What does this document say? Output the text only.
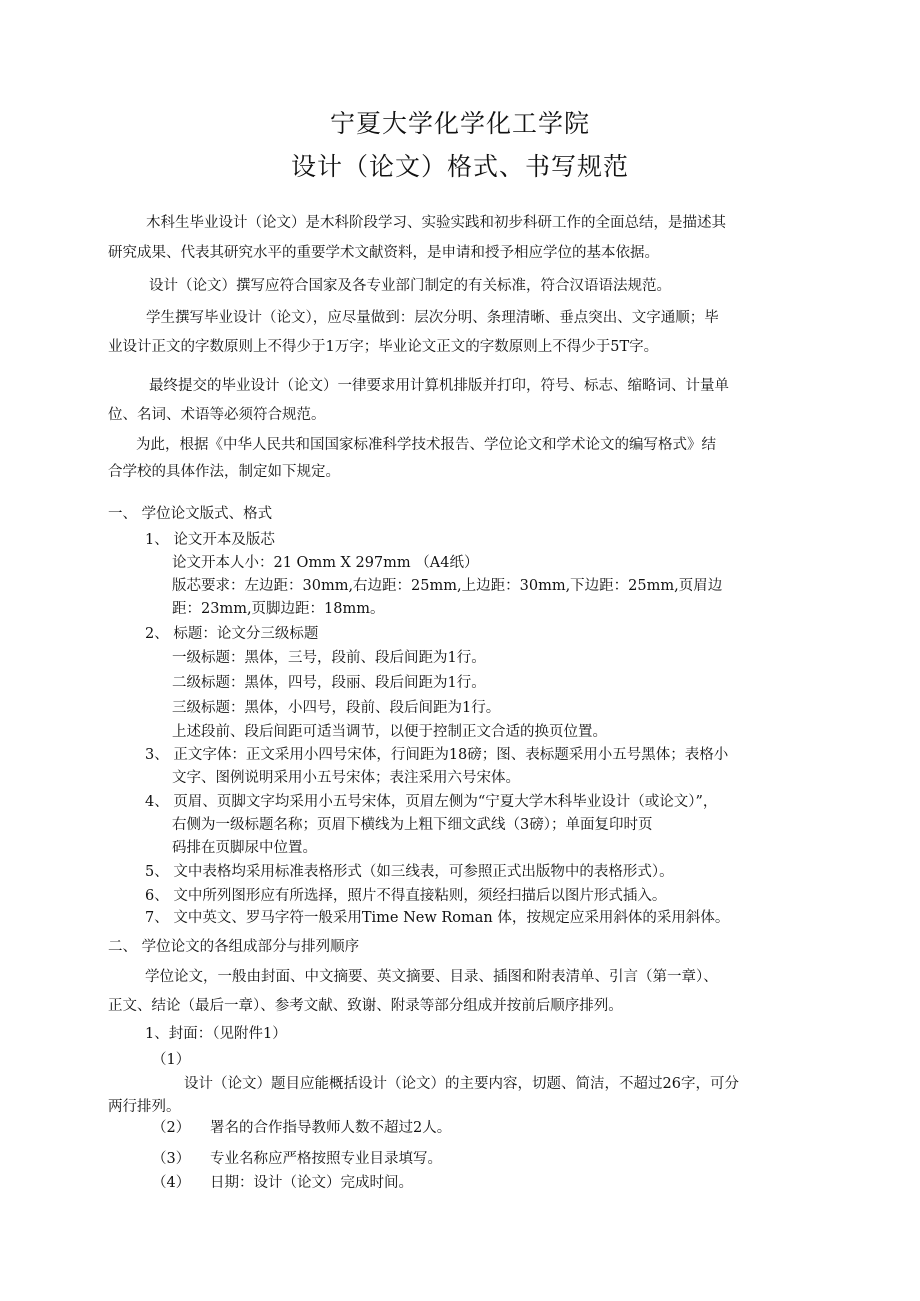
宁夏大学化学化工学院
设计（论文）格式、书写规范
木科生毕业设计（论文）是木科阶段学习、实验实践和初步科研工作的全面总结，是描述其
研究成果、代表其研究水平的重要学术文献资料，是申请和授予相应学位的基本依据。
设计（论文）撰写应符合国家及各专业部门制定的有关标准，符合汉语语法规范。
学生撰写毕业设计（论文），应尽量做到：层次分明、条理清晰、垂点突出、文字通顺；毕
业设计正文的字数原则上不得少于1万字；毕业论文正文的字数原则上不得少于5T字。
最终提交的毕业设计（论文）一律要求用计算机排版并打印，符号、标志、缩略词、计量单
位、名词、术语等必须符合规范。
为此，根据《中华人民共和国国家标准科学技术报告、学位论文和学术论文的编写格式》结
合学校的具体作法，制定如下规定。
一、 学位论文版式、格式
1、 论文开本及版芯
论文开本人小：21 Omm X 297mm （A4纸）
版芯要求：左边距：30mm,右边距：25mm,上边距：30mm,下边距：25mm,页眉边
距：23mm,页脚边距：18mm。
2、 标题：论文分三级标题
一级标题：黑体，三号，段前、段后间距为1行。
二级标题：黑体，四号，段丽、段后间距为1行。
三级标题：黑体，小四号，段前、段后间距为1行。
上述段前、段后间距可适当调节，以便于控制正文合适的换页位置。
3、 正文字体：正文采用小四号宋体，行间距为18磅；图、表标题采用小五号黑体；表格小
文字、图例说明采用小五号宋体；表注采用六号宋体。
4、 页眉、页脚文字均采用小五号宋体，页眉左侧为“宁夏大学木科毕业设计（或论文）”，
右侧为一级标题名称；页眉下横线为上粗下细文武线（3磅）；单面复印时页
码排在页脚尿中位置。
5、 文中表格均采用标准表格形式（如三线表，可参照正式出版物中的表格形式）。
6、 文中所列图形应有所选择，照片不得直接粘则，须经扫描后以图片形式插入。
7、 文中英文、罗马字符一般采用Time New Roman 体，按规定应采用斜体的采用斜体。
二、 学位论文的各组成部分与排列顺序
学位论文，一般由封面、中文摘要、英文摘要、目录、插图和附表清单、引言（第一章）、
正文、结论（最后一章）、参考文献、致谢、附录等部分组成并按前后顺序排列。
1、封面：（见附件1）
（1）
设计（论文）题目应能概括设计（论文）的主要内容，切题、简洁，不超过26字，可分
两行排列。
（2） 署名的合作指导教师人数不超过2人。
（3） 专业名称应严格按照专业目录填写。
（4） 日期：设计（论文）完成时间。
